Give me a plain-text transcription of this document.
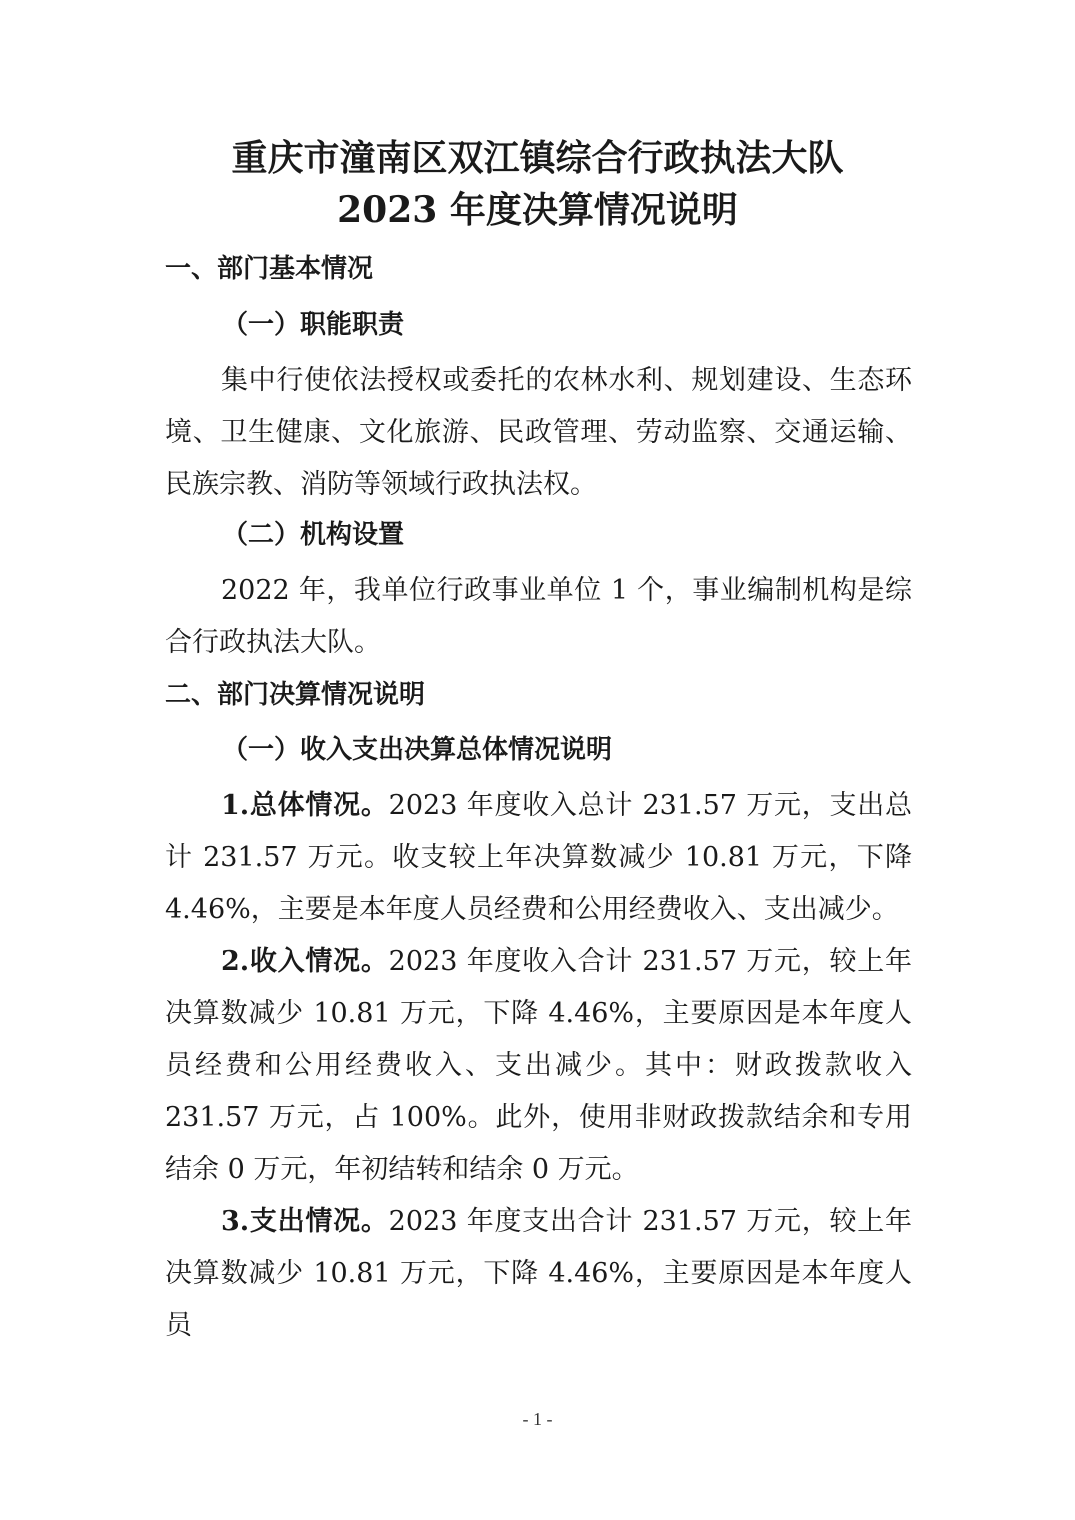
重庆市潼南区双江镇综合行政执法大队
2023 年度决算情况说明
一、部门基本情况
（一）职能职责

集中行使依法授权或委托的农林水利、规划建设、生态环境、卫生健康、文化旅游、民政管理、劳动监察、交通运输、民族宗教、消防等领域行政执法权。

（二）机构设置

2022 年，我单位行政事业单位 1 个，事业编制机构是综合行政执法大队。

二、部门决算情况说明
（一）收入支出决算总体情况说明

1.总体情况。2023 年度收入总计 231.57 万元，支出总计 231.57 万元。收支较上年决算数减少 10.81 万元，下降 4.46%，主要是本年度人员经费和公用经费收入、支出减少。

2.收入情况。2023 年度收入合计 231.57 万元，较上年决算数减少 10.81 万元，下降 4.46%，主要原因是本年度人员经费和公用经费收入、支出减少。其中：财政拨款收入 231.57 万元，占 100%。此外，使用非财政拨款结余和专用结余 0 万元，年初结转和结余 0 万元。

3.支出情况。2023 年度支出合计 231.57 万元，较上年决算数减少 10.81 万元，下降 4.46%，主要原因是本年度人员

- 1 -
